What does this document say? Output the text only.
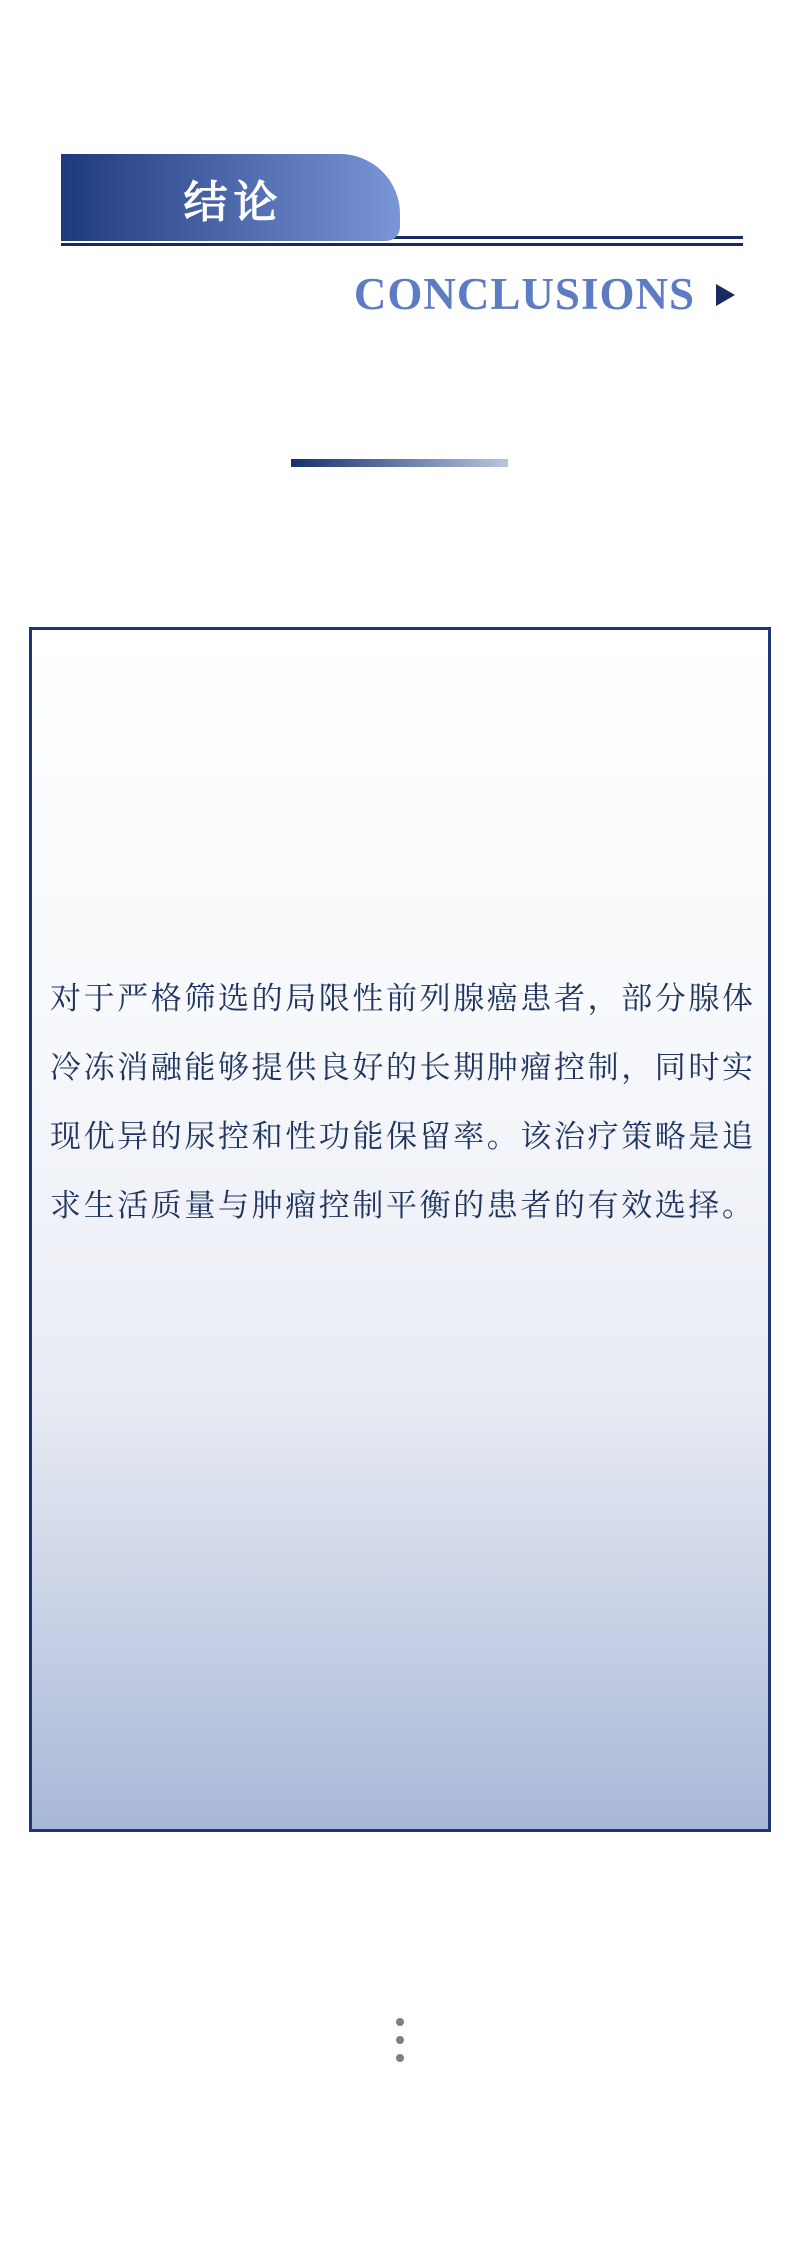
结论
CONCLUSIONS
对于严格筛选的局限性前列腺癌患者，部分腺体
冷冻消融能够提供良好的长期肿瘤控制，同时实
现优异的尿控和性功能保留率。该治疗策略是追
求生活质量与肿瘤控制平衡的患者的有效选择。
